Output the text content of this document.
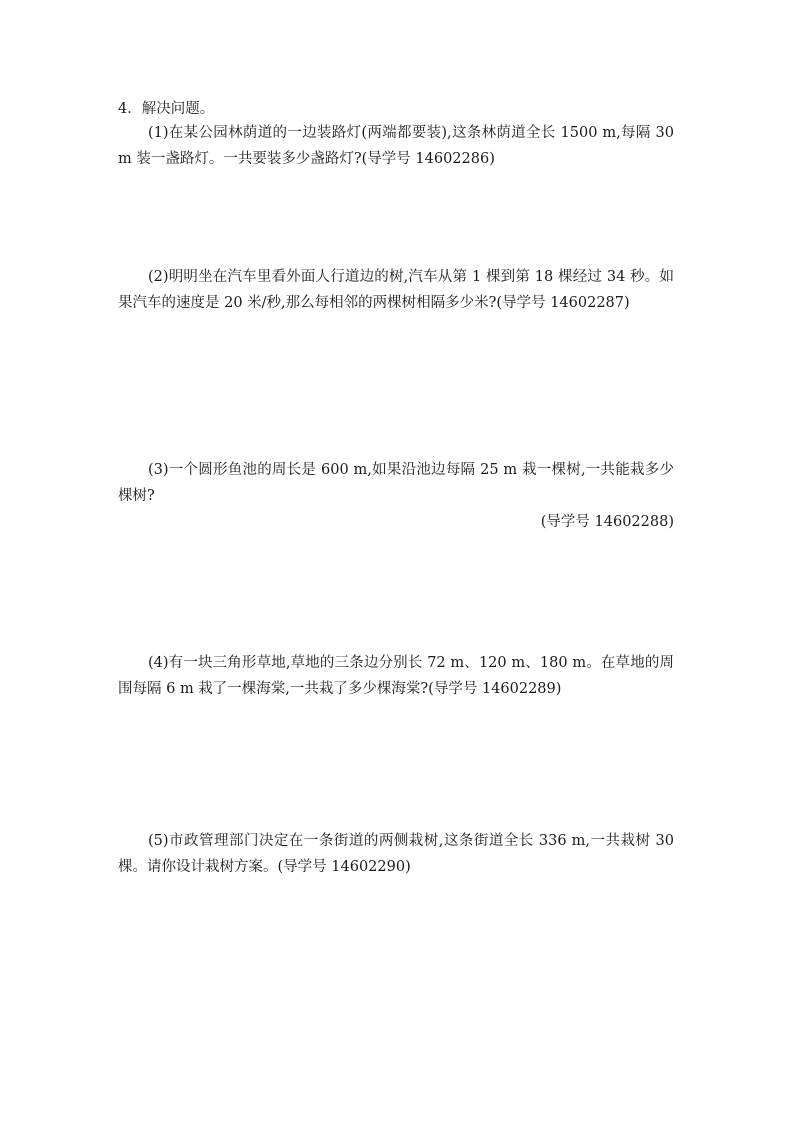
4．解决问题。

(1)在某公园林荫道的一边装路灯(两端都要装),这条林荫道全长 1500 m,每隔 30 m 装一盏路灯。一共要装多少盏路灯?(导学号 14602286)

(2)明明坐在汽车里看外面人行道边的树,汽车从第 1 棵到第 18 棵经过 34 秒。如果汽车的速度是 20 米/秒,那么每相邻的两棵树相隔多少米?(导学号 14602287)

(3)一个圆形鱼池的周长是 600 m,如果沿池边每隔 25 m 栽一棵树,一共能栽多少棵树?

(导学号 14602288)

(4)有一块三角形草地,草地的三条边分别长 72 m、120 m、180 m。在草地的周围每隔 6 m 栽了一棵海棠,一共栽了多少棵海棠?(导学号 14602289)

(5)市政管理部门决定在一条街道的两侧栽树,这条街道全长 336 m,一共栽树 30 棵。请你设计栽树方案。(导学号 14602290)
